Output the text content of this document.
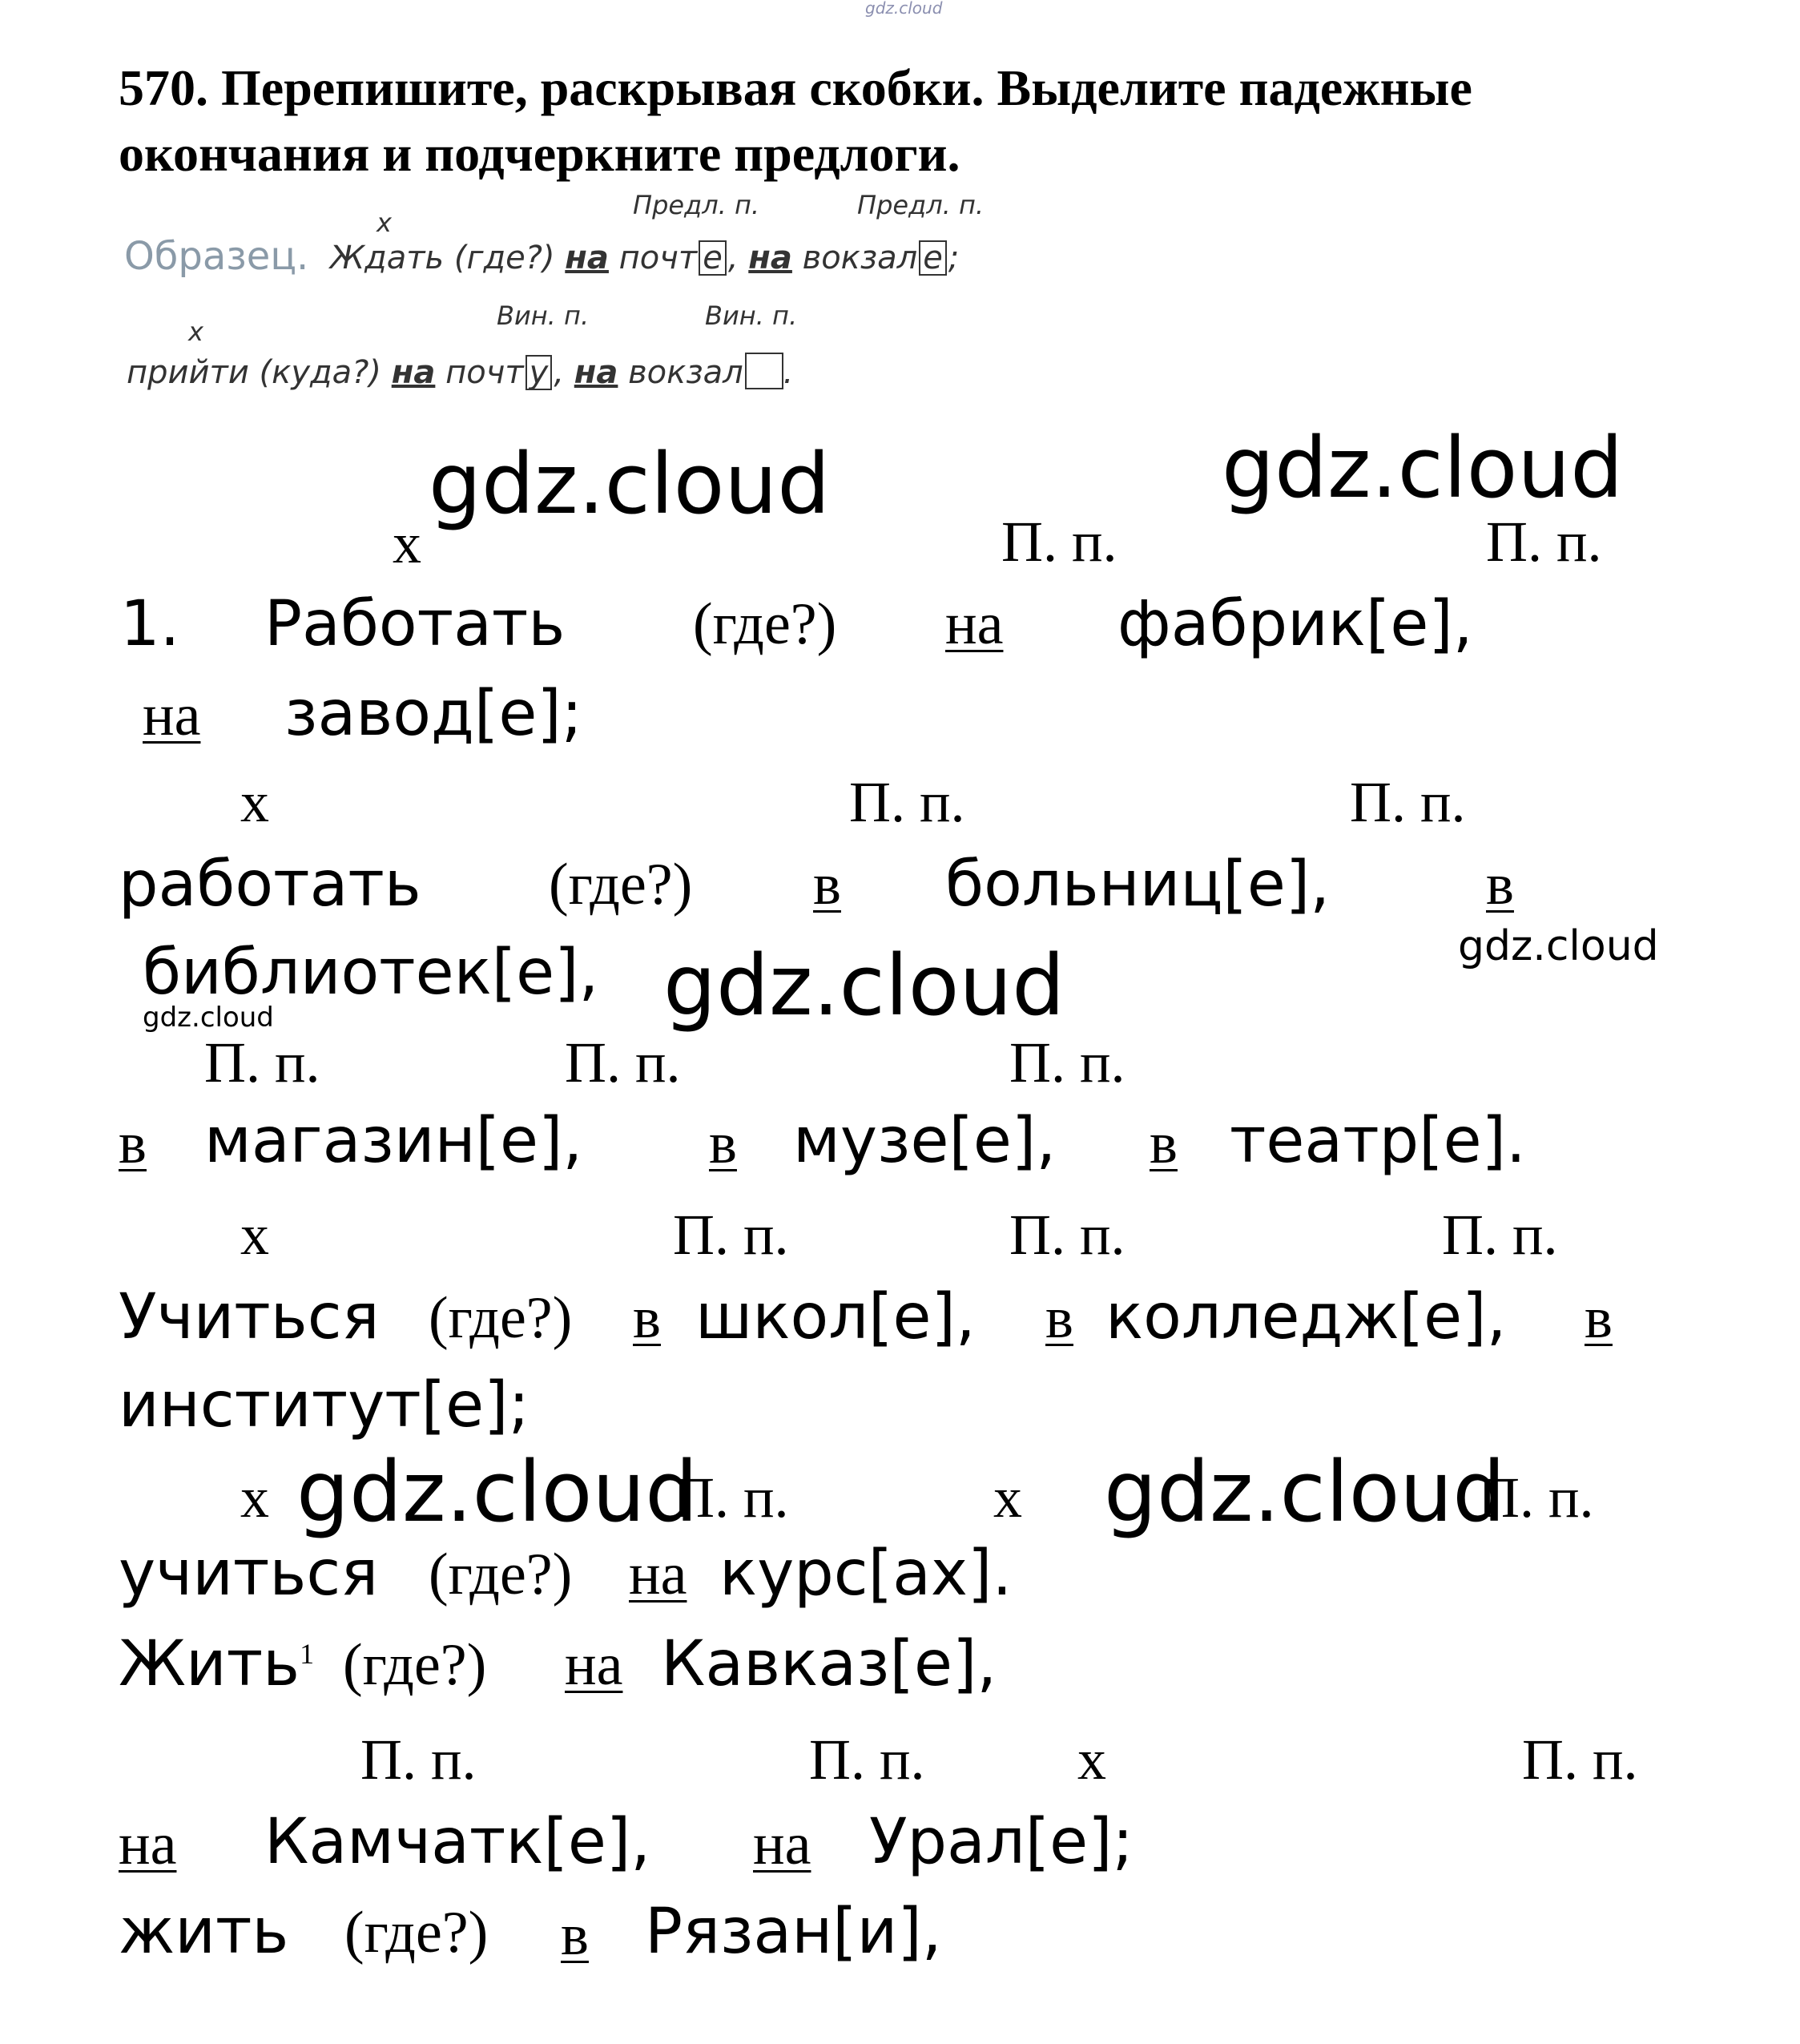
gdz.cloud
570. Перепишите, раскрывая скобки. Выделите падежные
окончания и подчеркните предлоги.
x
Предл. п.	Предл. п.
Образец. Ждать (где?) на почт е , на вокзал е ;
x
Вин. п.	Вин. п.
прийти (куда?) на почт у , на вокзал .
gdz.cloud	gdz.cloud
gdz.cloud
gdz.cloud
gdz.cloud
gdz.cloud	gdz.cloud
x	П. п.	П. п.
1. Работать (где?) на фабрик[е],
на завод[е];
x	П. п.	П. п.
работать (где?) в больниц[е],	в
библиотек[е],
П. п.	П. п.	П. п.
в магазин[е], в музе[е], в театр[е].
x	П. п.	П. п.	П. п.
Учиться (где?) в школ[е], в колледж[е], в
институт[е];
x	П. п.	x	П. п.
учиться (где?) на курс[ах].
Жить$^1$ (где?) на Кавказ[е],
П. п.	П. п.	x	П. п.
на Камчатк[е], на Урал[е];
жить (где?) в Рязан[и],
